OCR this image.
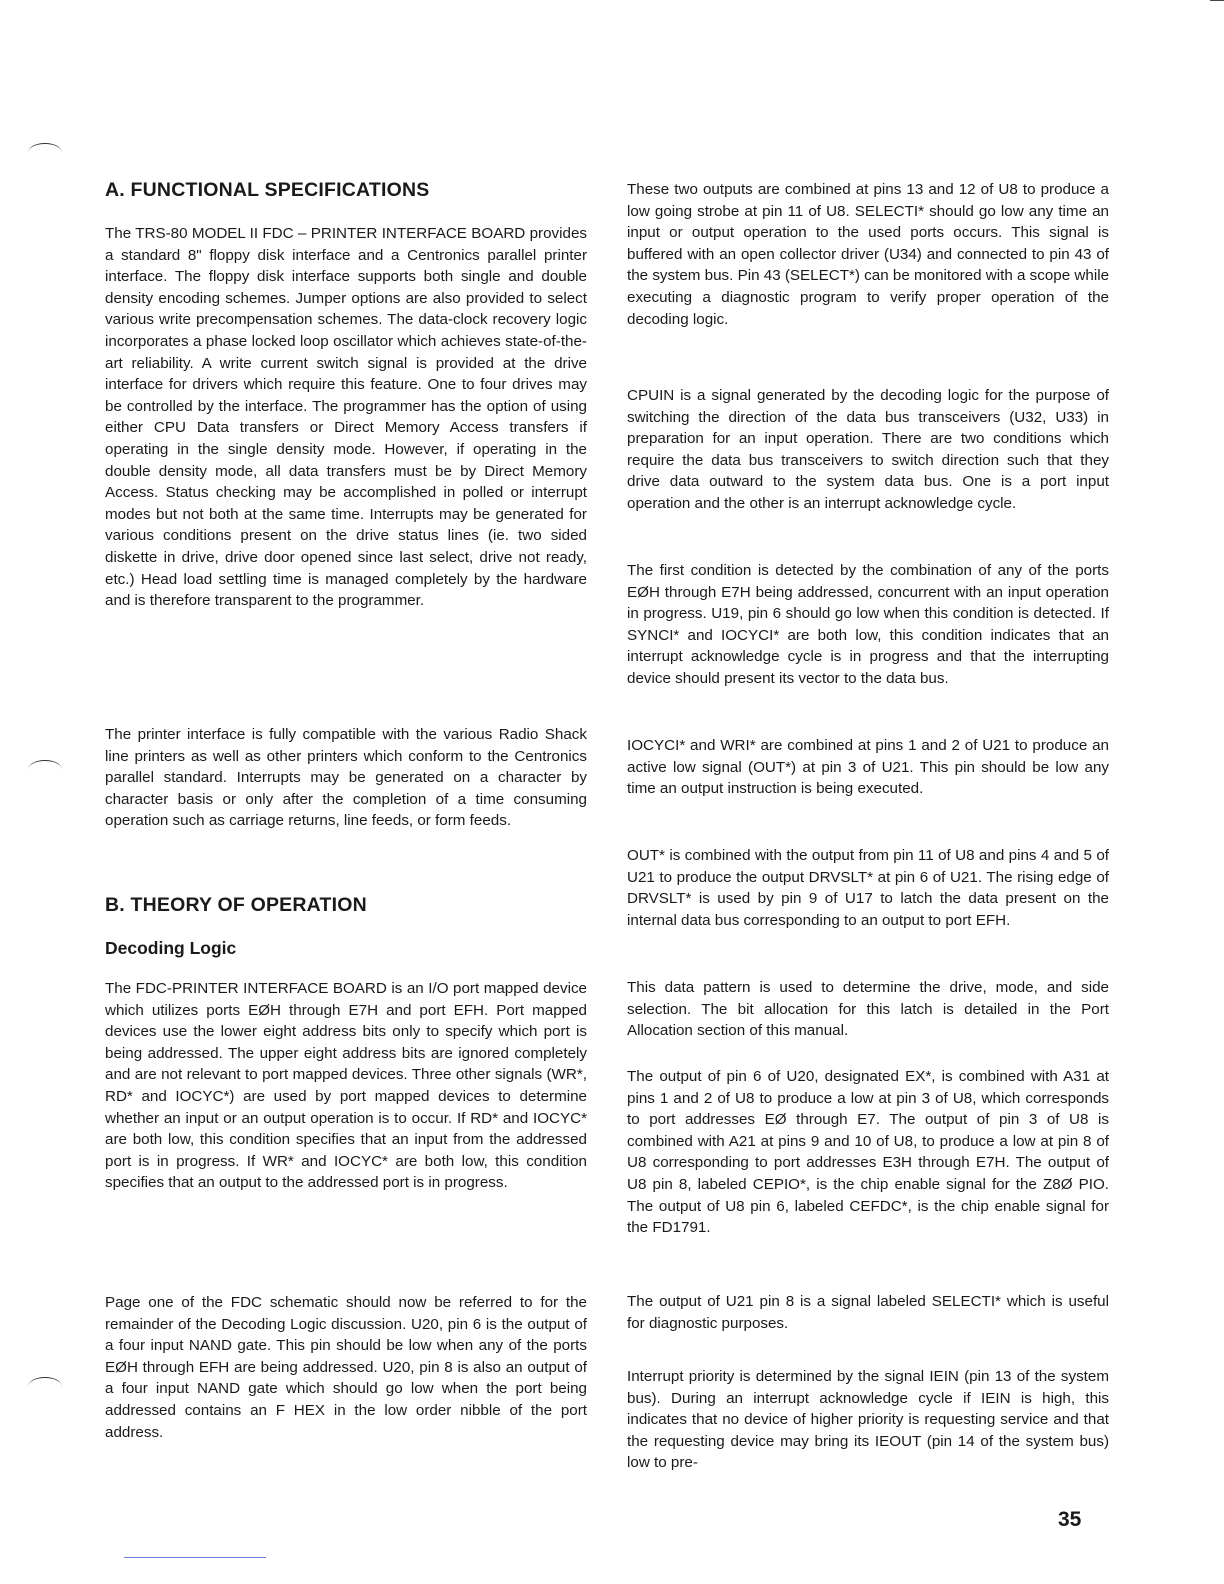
A. FUNCTIONAL SPECIFICATIONS

The TRS-80 MODEL II FDC – PRINTER INTERFACE BOARD provides a standard 8" floppy disk interface and a Centronics parallel printer interface. The floppy disk interface supports both single and double density encoding schemes. Jumper options are also provided to select various write precompensation schemes. The data-clock recovery logic incorporates a phase locked loop oscillator which achieves state-of-the-art reliability. A write current switch signal is provided at the drive interface for drivers which require this feature. One to four drives may be controlled by the interface. The programmer has the option of using either CPU Data transfers or Direct Memory Access transfers if operating in the single density mode. However, if operating in the double density mode, all data transfers must be by Direct Memory Access. Status checking may be accomplished in polled or interrupt modes but not both at the same time. Interrupts may be generated for various conditions present on the drive status lines (ie. two sided diskette in drive, drive door opened since last select, drive not ready, etc.) Head load settling time is managed completely by the hardware and is therefore transparent to the programmer.

The printer interface is fully compatible with the various Radio Shack line printers as well as other printers which conform to the Centronics parallel standard. Interrupts may be generated on a character by character basis or only after the completion of a time consuming operation such as carriage returns, line feeds, or form feeds.

B. THEORY OF OPERATION
Decoding Logic

The FDC-PRINTER INTERFACE BOARD is an I/O port mapped device which utilizes ports EØH through E7H and port EFH. Port mapped devices use the lower eight address bits only to specify which port is being addressed. The upper eight address bits are ignored completely and are not relevant to port mapped devices. Three other signals (WR*, RD* and IOCYC*) are used by port mapped devices to determine whether an input or an output operation is to occur. If RD* and IOCYC* are both low, this condition specifies that an input from the addressed port is in progress. If WR* and IOCYC* are both low, this condition specifies that an output to the addressed port is in progress.

Page one of the FDC schematic should now be referred to for the remainder of the Decoding Logic discussion. U20, pin 6 is the output of a four input NAND gate. This pin should be low when any of the ports EØH through EFH are being addressed. U20, pin 8 is also an output of a four input NAND gate which should go low when the port being addressed contains an F HEX in the low order nibble of the port address.

These two outputs are combined at pins 13 and 12 of U8 to produce a low going strobe at pin 11 of U8. SELECTI* should go low any time an input or output operation to the used ports occurs. This signal is buffered with an open collector driver (U34) and connected to pin 43 of the system bus. Pin 43 (SELECT*) can be monitored with a scope while executing a diagnostic program to verify proper operation of the decoding logic.

CPUIN is a signal generated by the decoding logic for the purpose of switching the direction of the data bus transceivers (U32, U33) in preparation for an input operation. There are two conditions which require the data bus transceivers to switch direction such that they drive data outward to the system data bus. One is a port input operation and the other is an interrupt acknowledge cycle.

The first condition is detected by the combination of any of the ports EØH through E7H being addressed, concurrent with an input operation in progress. U19, pin 6 should go low when this condition is detected. If SYNCI* and IOCYCI* are both low, this condition indicates that an interrupt acknowledge cycle is in progress and that the interrupting device should present its vector to the data bus.

IOCYCI* and WRI* are combined at pins 1 and 2 of U21 to produce an active low signal (OUT*) at pin 3 of U21. This pin should be low any time an output instruction is being executed.

OUT* is combined with the output from pin 11 of U8 and pins 4 and 5 of U21 to produce the output DRVSLT* at pin 6 of U21. The rising edge of DRVSLT* is used by pin 9 of U17 to latch the data present on the internal data bus corresponding to an output to port EFH.

This data pattern is used to determine the drive, mode, and side selection. The bit allocation for this latch is detailed in the Port Allocation section of this manual.

The output of pin 6 of U20, designated EX*, is combined with A31 at pins 1 and 2 of U8 to produce a low at pin 3 of U8, which corresponds to port addresses EØ through E7. The output of pin 3 of U8 is combined with A21 at pins 9 and 10 of U8, to produce a low at pin 8 of U8 corresponding to port addresses E3H through E7H. The output of U8 pin 8, labeled CEPIO*, is the chip enable signal for the Z8Ø PIO. The output of U8 pin 6, labeled CEFDC*, is the chip enable signal for the FD1791.

The output of U21 pin 8 is a signal labeled SELECTI* which is useful for diagnostic purposes.

Interrupt priority is determined by the signal IEIN (pin 13 of the system bus). During an interrupt acknowledge cycle if IEIN is high, this indicates that no device of higher priority is requesting service and that the requesting device may bring its IEOUT (pin 14 of the system bus) low to pre-

35
